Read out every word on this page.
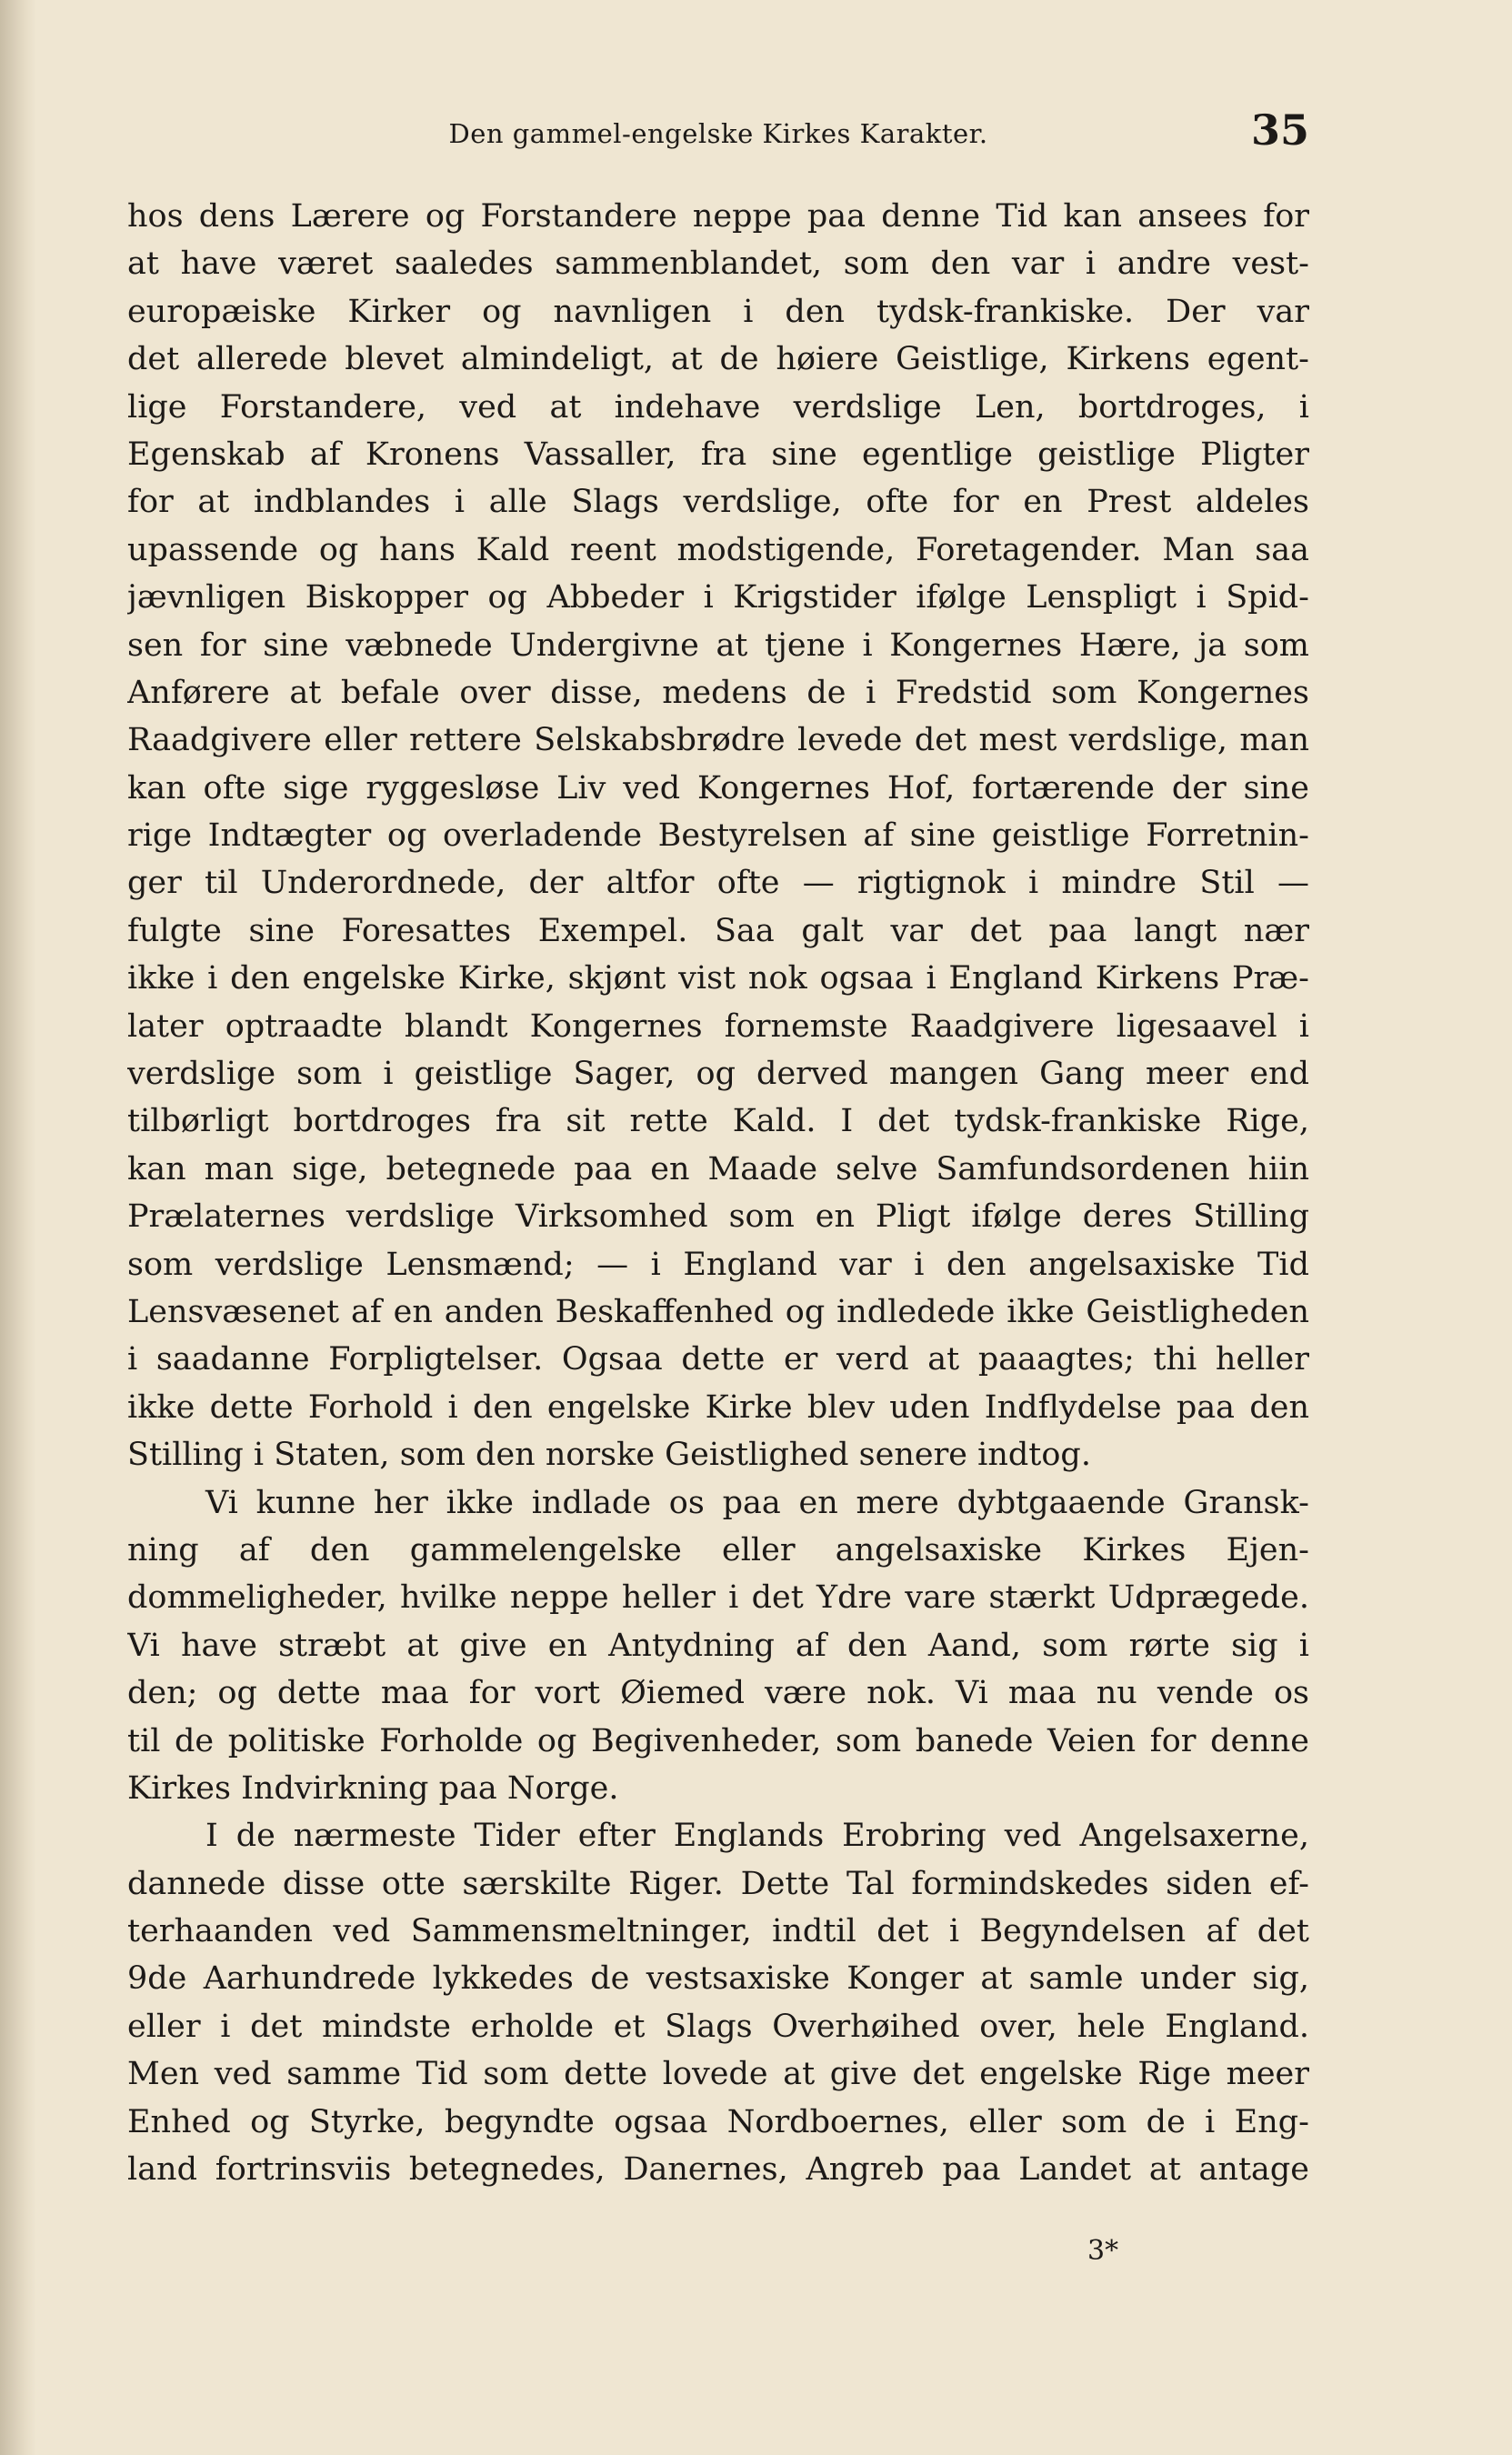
Den gammel-engelske Kirkes Karakter.	35
hos dens Lærere og Forstandere neppe paa denne Tid kan ansees for
at have været saaledes sammenblandet, som den var i andre vest-
europæiske Kirker og navnligen i den tydsk-frankiske. Der var
det allerede blevet almindeligt, at de høiere Geistlige, Kirkens egent-
lige Forstandere, ved at indehave verdslige Len, bortdroges, i
Egenskab af Kronens Vassaller, fra sine egentlige geistlige Pligter
for at indblandes i alle Slags verdslige, ofte for en Prest aldeles
upassende og hans Kald reent modstigende, Foretagender. Man saa
jævnligen Biskopper og Abbeder i Krigstider ifølge Lenspligt i Spid-
sen for sine væbnede Undergivne at tjene i Kongernes Hære, ja som
Anførere at befale over disse, medens de i Fredstid som Kongernes
Raadgivere eller rettere Selskabsbrødre levede det mest verdslige, man
kan ofte sige ryggesløse Liv ved Kongernes Hof, fortærende der sine
rige Indtægter og overladende Bestyrelsen af sine geistlige Forretnin-
ger til Underordnede, der altfor ofte — rigtignok i mindre Stil —
fulgte sine Foresattes Exempel. Saa galt var det paa langt nær
ikke i den engelske Kirke, skjønt vist nok ogsaa i England Kirkens Præ-
later optraadte blandt Kongernes fornemste Raadgivere ligesaavel i
verdslige som i geistlige Sager, og derved mangen Gang meer end
tilbørligt bortdroges fra sit rette Kald. I det tydsk-frankiske Rige,
kan man sige, betegnede paa en Maade selve Samfundsordenen hiin
Prælaternes verdslige Virksomhed som en Pligt ifølge deres Stilling
som verdslige Lensmænd; — i England var i den angelsaxiske Tid
Lensvæsenet af en anden Beskaffenhed og indledede ikke Geistligheden
i saadanne Forpligtelser. Ogsaa dette er verd at paaagtes; thi heller
ikke dette Forhold i den engelske Kirke blev uden Indflydelse paa den
Stilling i Staten, som den norske Geistlighed senere indtog.
Vi kunne her ikke indlade os paa en mere dybtgaaende Gransk-
ning af den gammelengelske eller angelsaxiske Kirkes Ejen-
dommeligheder, hvilke neppe heller i det Ydre vare stærkt Udprægede.
Vi have stræbt at give en Antydning af den Aand, som rørte sig i
den; og dette maa for vort Øiemed være nok. Vi maa nu vende os
til de politiske Forholde og Begivenheder, som banede Veien for denne
Kirkes Indvirkning paa Norge.
I de nærmeste Tider efter Englands Erobring ved Angelsaxerne,
dannede disse otte særskilte Riger. Dette Tal formindskedes siden ef-
terhaanden ved Sammensmeltninger, indtil det i Begyndelsen af det
9de Aarhundrede lykkedes de vestsaxiske Konger at samle under sig,
eller i det mindste erholde et Slags Overhøihed over, hele England.
Men ved samme Tid som dette lovede at give det engelske Rige meer
Enhed og Styrke, begyndte ogsaa Nordboernes, eller som de i Eng-
land fortrinsviis betegnedes, Danernes, Angreb paa Landet at antage
3*
